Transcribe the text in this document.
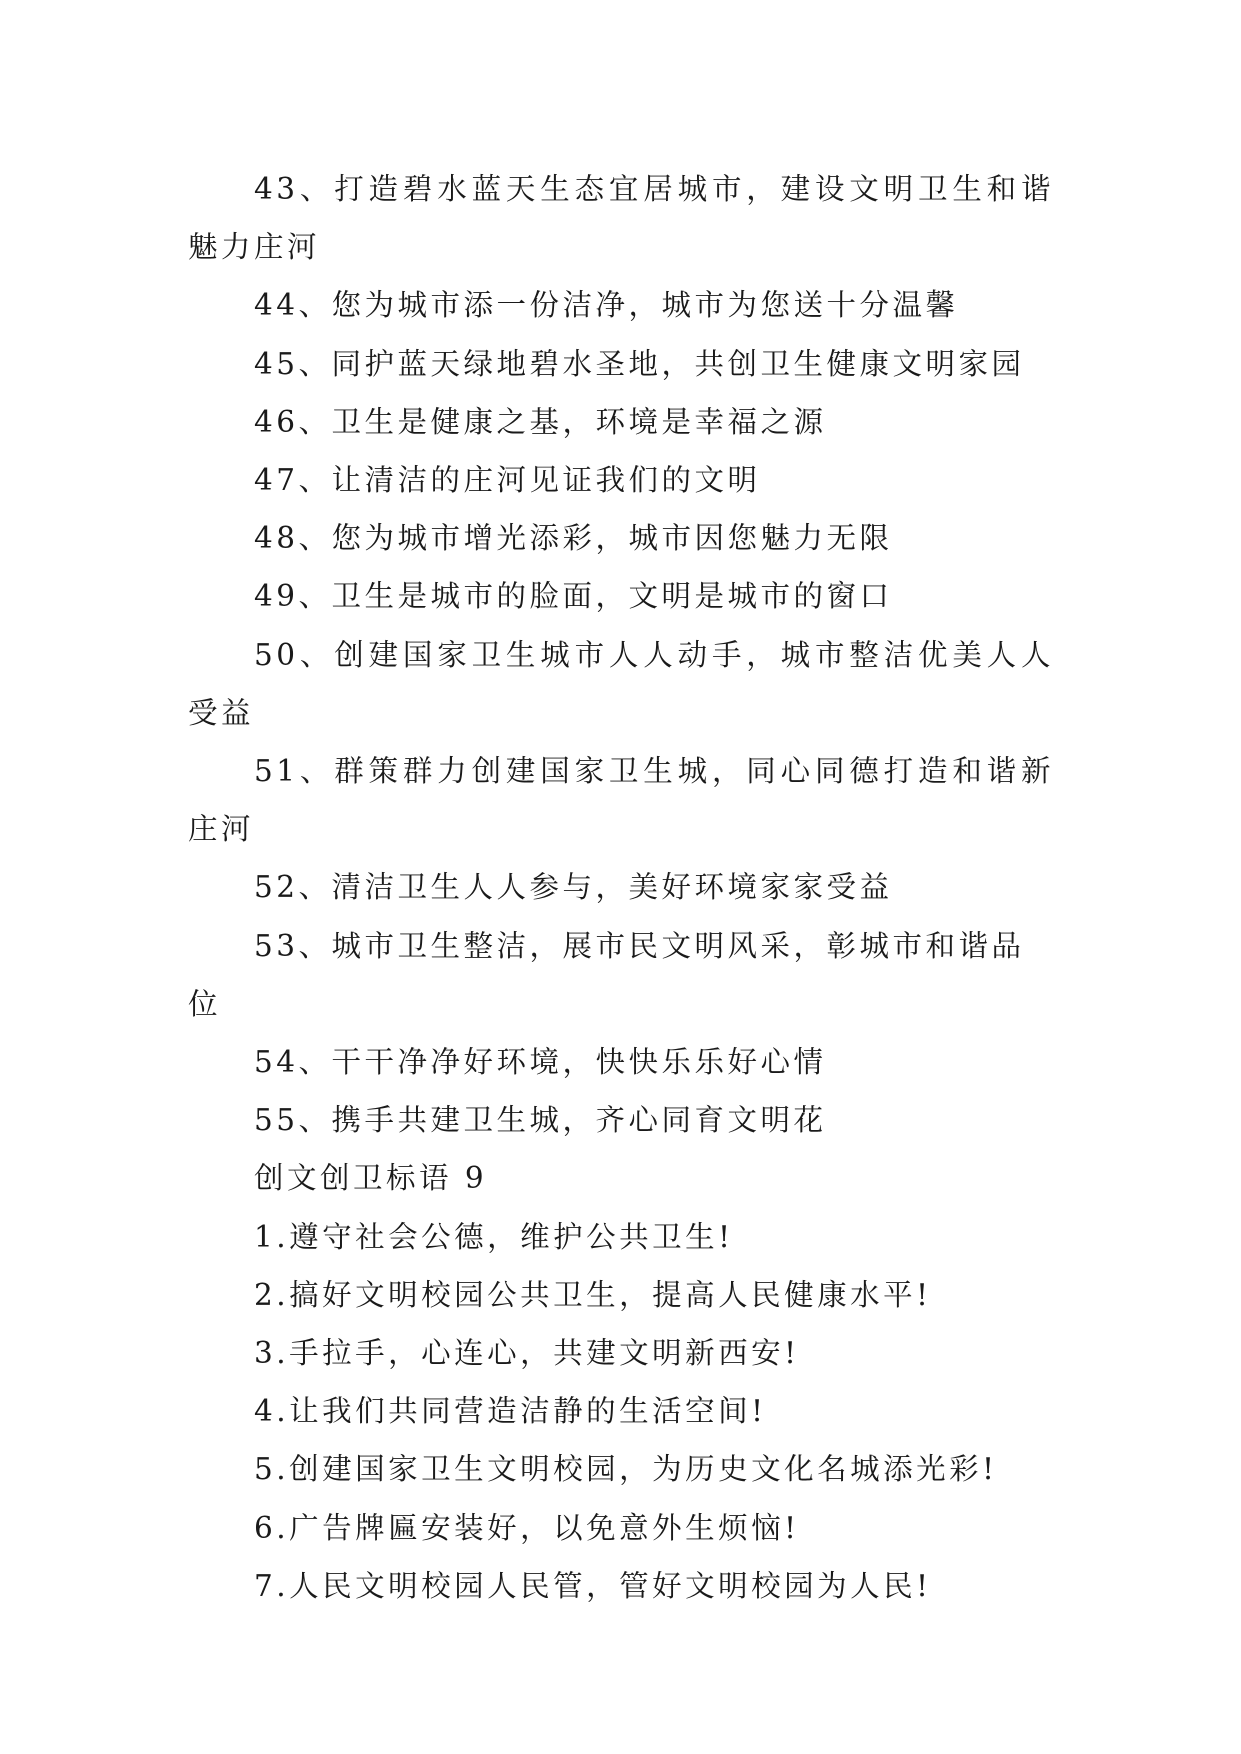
43、打造碧水蓝天生态宜居城市，建设文明卫生和谐魅力庄河

44、您为城市添一份洁净，城市为您送十分温馨

45、同护蓝天绿地碧水圣地，共创卫生健康文明家园

46、卫生是健康之基，环境是幸福之源

47、让清洁的庄河见证我们的文明

48、您为城市增光添彩，城市因您魅力无限

49、卫生是城市的脸面，文明是城市的窗口

50、创建国家卫生城市人人动手，城市整洁优美人人受益

51、群策群力创建国家卫生城，同心同德打造和谐新庄河

52、清洁卫生人人参与，美好环境家家受益

53、城市卫生整洁，展市民文明风采，彰城市和谐品位

54、干干净净好环境，快快乐乐好心情

55、携手共建卫生城，齐心同育文明花

创文创卫标语 9

1.遵守社会公德，维护公共卫生!

2.搞好文明校园公共卫生，提高人民健康水平!

3.手拉手，心连心，共建文明新西安!

4.让我们共同营造洁静的生活空间!

5.创建国家卫生文明校园，为历史文化名城添光彩!

6.广告牌匾安装好，以免意外生烦恼!

7.人民文明校园人民管，管好文明校园为人民!
